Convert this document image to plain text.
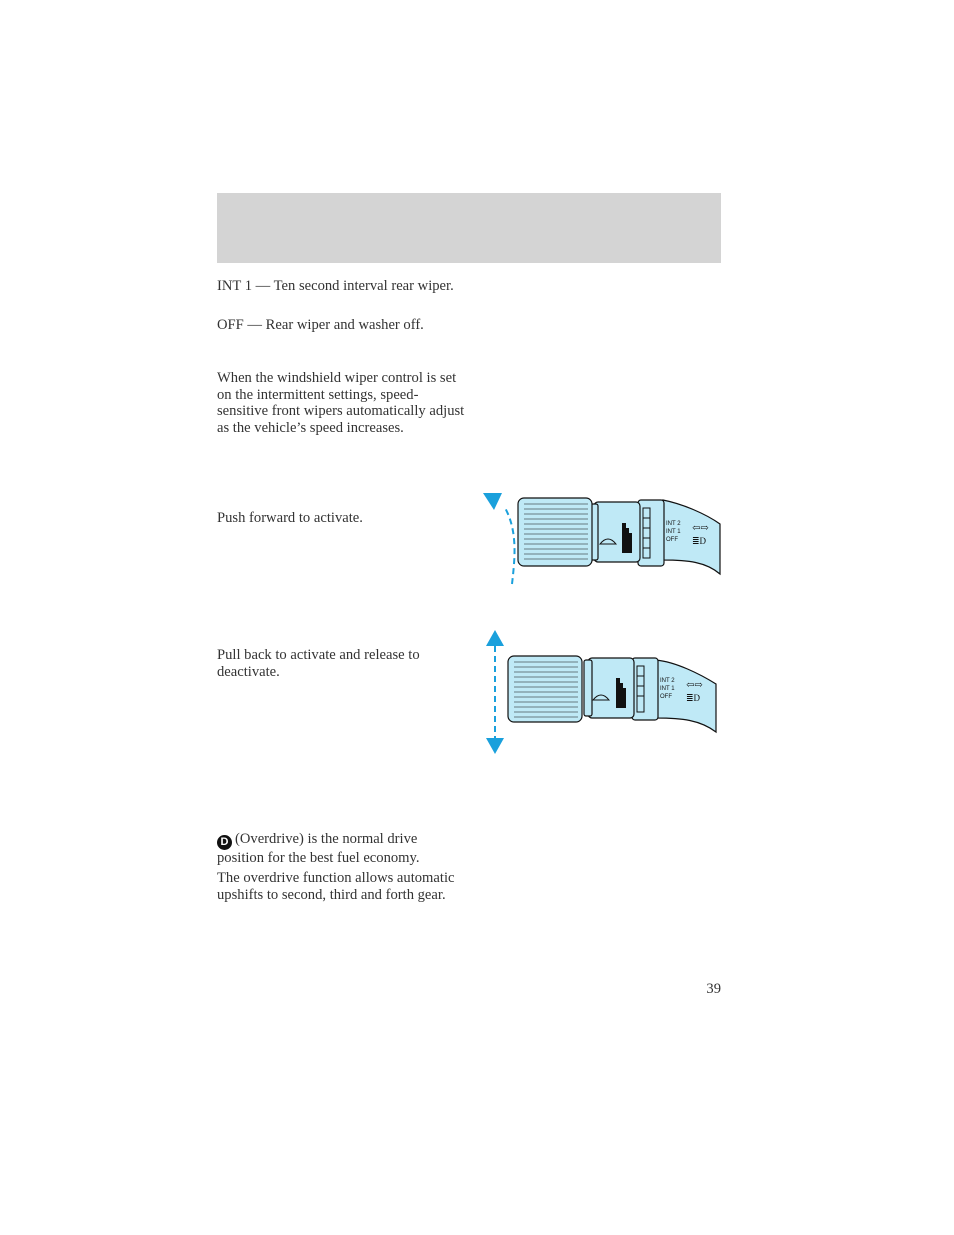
INT 1 — Ten second interval rear wiper.

OFF — Rear wiper and washer off.

When the windshield wiper control is set on the intermittent settings, speed-sensitive front wipers automatically adjust as the vehicle’s speed increases.

Push forward to activate.

Pull back to activate and release to deactivate.

D (Overdrive) is the normal drive position for the best fuel economy.

The overdrive function allows automatic upshifts to second, third and forth gear.

INT 2
INT 1
OFF
⇦⇨
≣D
INT 2
INT 1
OFF
⇦⇨
≣D
39
